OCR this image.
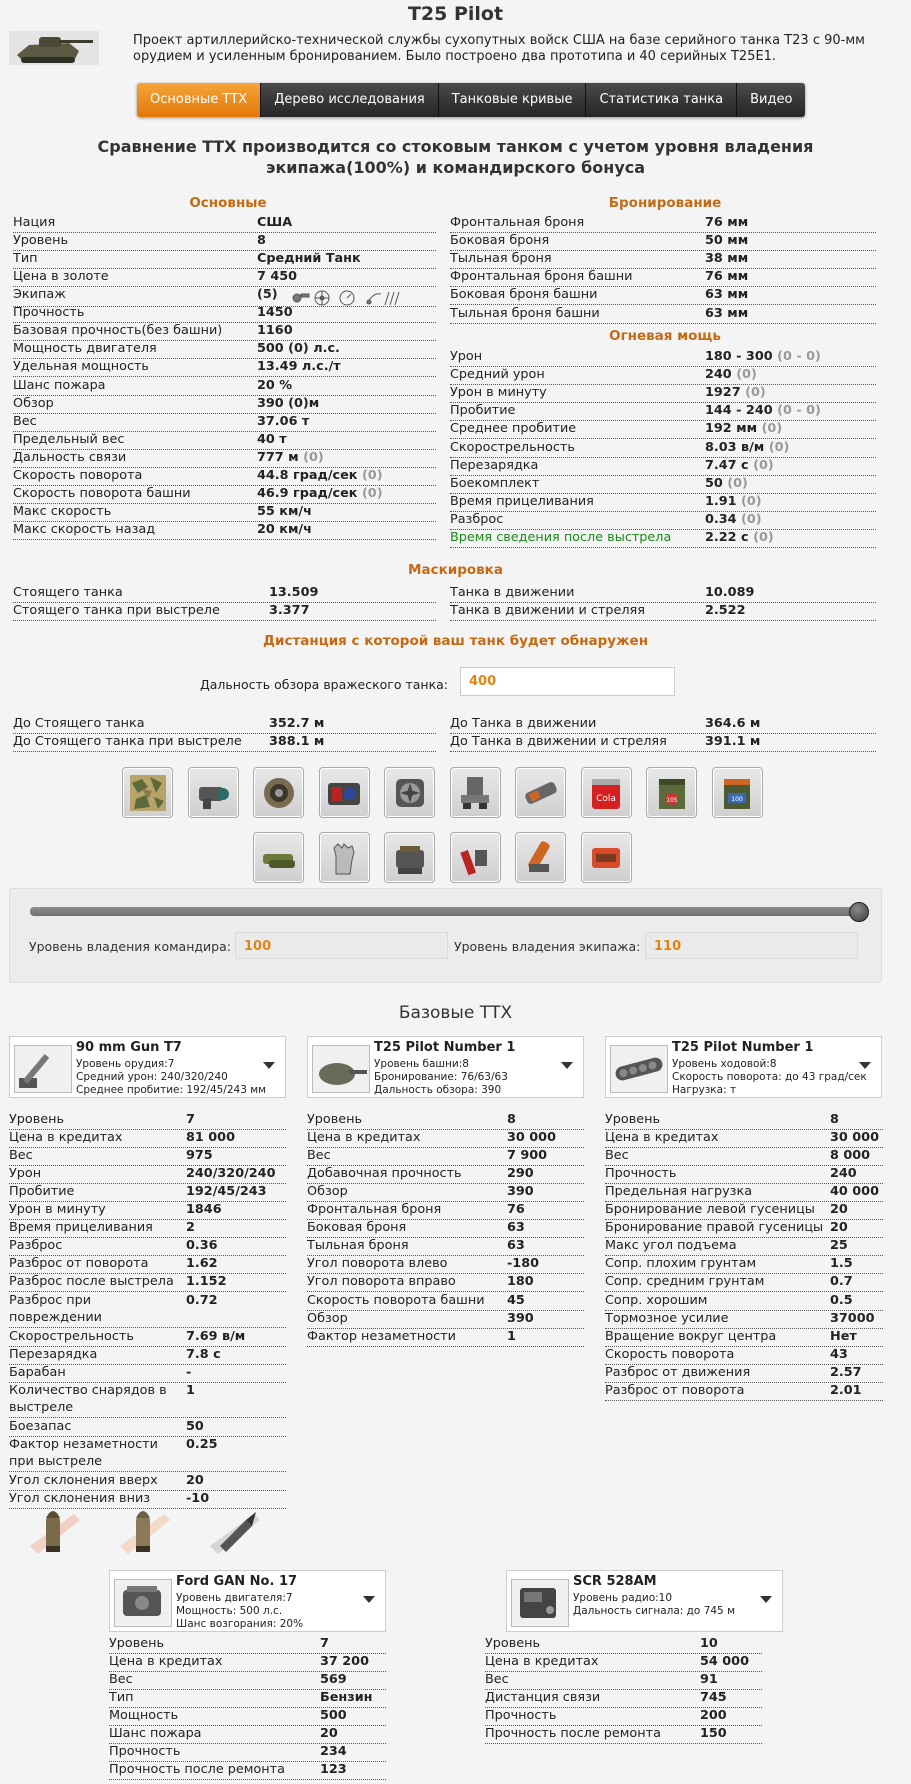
T25 Pilot
Проект артиллерийско-технической службы сухопутных войск США на базе серийного танка Т23 с 90-мм орудием и усиленным бронированием. Было построено два прототипа и 40 серийных T25E1.
Основные ТТХ	Дерево исследования	Танковые кривые	Статистика танка	Видео
Сравнение ТТХ производится со стоковым танком с учетом уровня владения экипажа(100%) и командирского бонуса
Основные	Бронирование
Огневая мощь
Маскировка
Дистанция с которой ваш танк будет обнаружен
Нация	США
Уровень	8
Тип	Средний Танк
Цена в золоте	7 450
Экипаж	(5)
Прочность	1450
Базовая прочность(без башни)	1160
Мощность двигателя	500 (0) л.с.
Удельная мощность	13.49 л.с./т
Шанс пожара	20 %
Обзор	390 (0)м
Вес	37.06 т
Предельный вес	40 т
Дальность связи	777 м (0)
Скорость поворота	44.8 град/сек (0)
Скорость поворота башни	46.9 град/сек (0)
Макс скорость	55 км/ч
Макс скорость назад	20 км/ч
Фронтальная броня	76 мм
Боковая броня	50 мм
Тыльная броня	38 мм
Фронтальная броня башни	76 мм
Боковая броня башни	63 мм
Тыльная броня башни	63 мм
Урон	180 - 300 (0 - 0)
Средний урон	240 (0)
Урон в минуту	1927 (0)
Пробитие	144 - 240 (0 - 0)
Среднее пробитие	192 мм (0)
Скорострельность	8.03 в/м (0)
Перезарядка	7.47 с (0)
Боекомплект	50 (0)
Время прицеливания	1.91 (0)
Разброс	0.34 (0)
Время сведения после выстрела	2.22 с (0)
Стоящего танка	13.509	Танка в движении	10.089
Стоящего танка при выстреле	3.377	Танка в движении и стреляя	2.522
До Стоящего танка	352.7 м	До Танка в движении	364.6 м
До Стоящего танка при выстреле 388.1 м	До Танка в движении и стреляя	391.1 м
Дальность обзора вражеского танка:
400
Cola	105	100
Уровень владения командира:	100	Уровень владения экипажа:	110
Базовые ТТХ
90 mm Gun T7
Уровень орудия:7
Средний урон: 240/320/240
Среднее пробитие: 192/45/243 мм
Уровень	7
Цена в кредитах	81 000
Вес	975
Урон	240/320/240
Пробитие	192/45/243
Урон в минуту	1846
Время прицеливания	2
Разброс	0.36
Разброс от поворота	1.62
Разброс после выстрела 1.152
Разброс при
повреждении
0.72
Скорострельность	7.69 в/м
Перезарядка	7.8 с
Барабан	-
Количество снарядов в
выстреле
1
Боезапас	50
Фактор незаметности
при выстреле
0.25
Угол склонения вверх 20
Угол склонения вниз	-10
T25 Pilot Number 1
Уровень башни:8
Бронирование: 76/63/63
Дальность обзора: 390
Уровень	8
Цена в кредитах	30 000
Вес	7 900
Добавочная прочность	290
Обзор	390
Фронтальная броня	76
Боковая броня	63
Тыльная броня	63
Угол поворота влево	-180
Угол поворота вправо	180
Скорость поворота башни 45
Обзор	390
Фактор незаметности	1
T25 Pilot Number 1
Уровень ходовой:8
Скорость поворота: до 43 град/сек
Нагрузка: т
Уровень	8
Цена в кредитах	30 000
Вес	8 000
Прочность	240
Предельная нагрузка	40 000
Бронирование левой гусеницы 20
Бронирование правой гусеницы 20
Макс угол подъема	25
Сопр. плохим грунтам	1.5
Сопр. средним грунтам	0.7
Сопр. хорошим	0.5
Тормозное усилие	37000
Вращение вокруг центра	Нет
Скорость поворота	43
Разброс от движения	2.57
Разброс от поворота	2.01
Ford GAN No. 17
Уровень двигателя:7
Мощность: 500 л.с.
Шанс возгорания: 20%
Уровень	7
Цена в кредитах	37 200
Вес	569
Тип	Бензин
Мощность	500
Шанс пожара	20
Прочность	234
Прочность после ремонта	123
SCR 528AM
Уровень радио:10
Дальность сигнала: до 745 м
Уровень	10
Цена в кредитах	54 000
Вес	91
Дистанция связи	745
Прочность	200
Прочность после ремонта	150
